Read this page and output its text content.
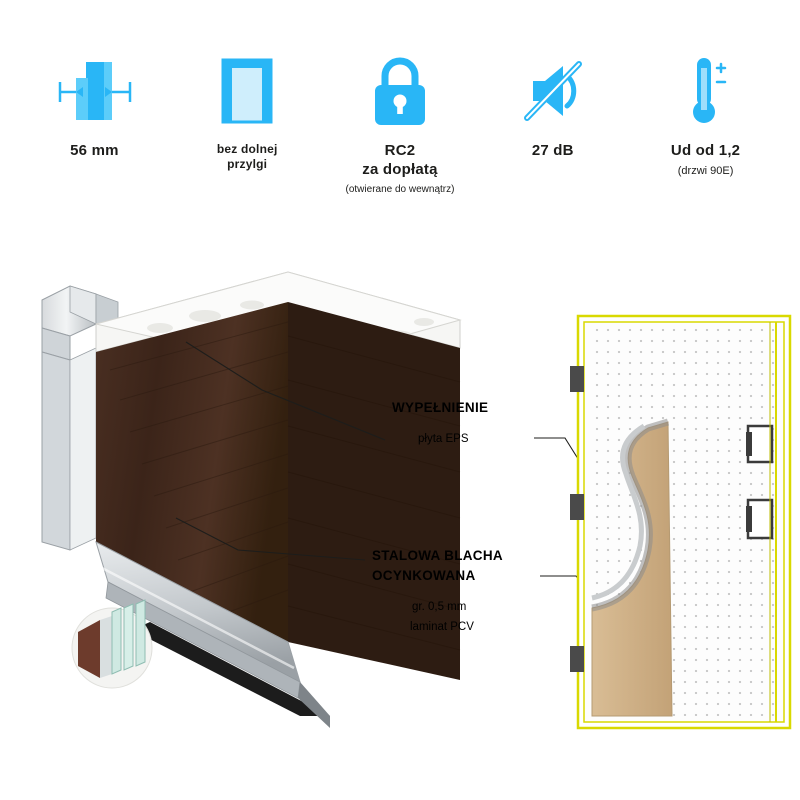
56 mm	bez dolnej
przylgi
RC2
za dopłatą
(otwierane do wewnątrz)
27 dB	Ud od 1,2
(drzwi 90E)
WYPEŁNIENIE
płyta EPS
STALOWA BLACHA
OCYNKOWANA
gr. 0,5 mm
laminat PCV
